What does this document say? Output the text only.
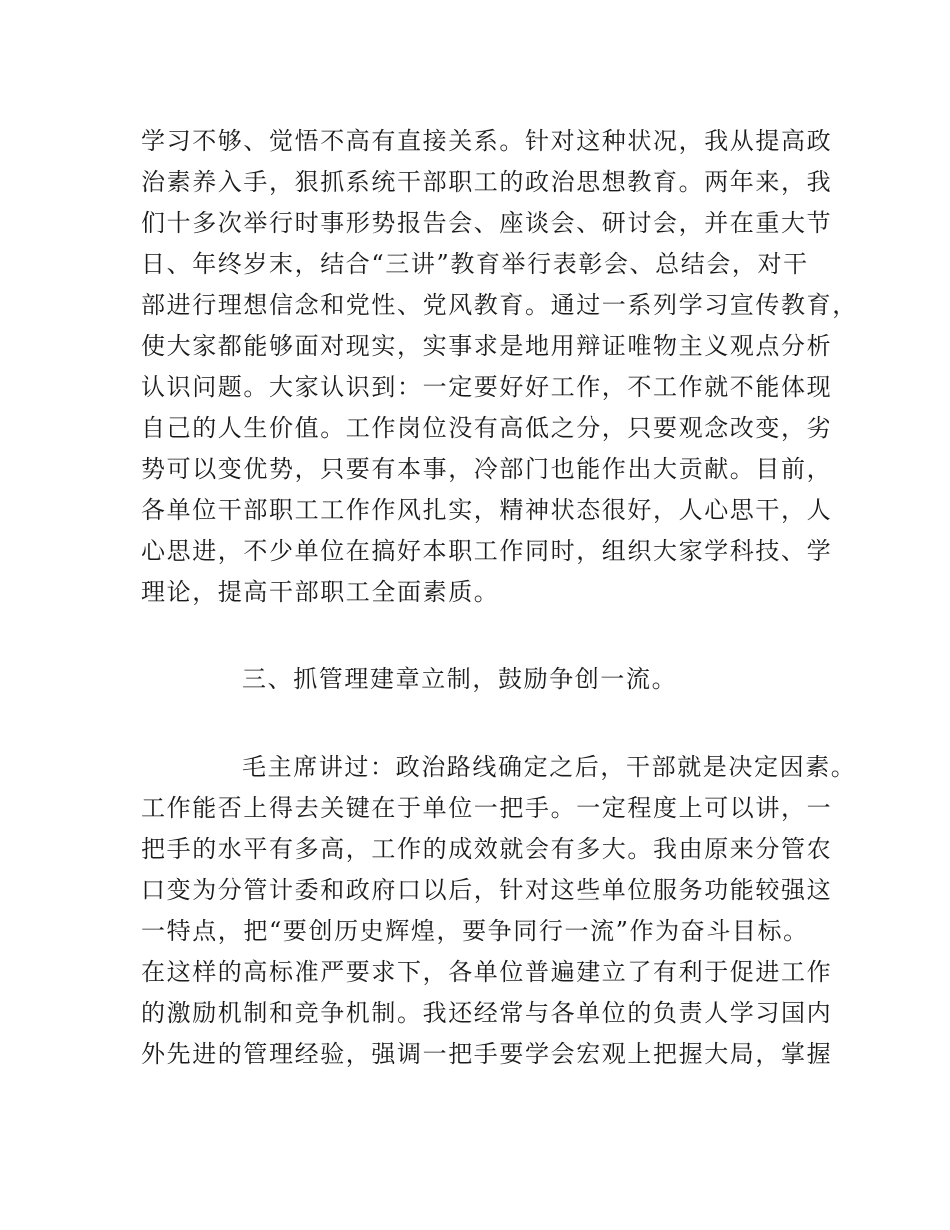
学习不够、觉悟不高有直接关系。针对这种状况，我从提高政
治素养入手，狠抓系统干部职工的政治思想教育。两年来，我
们十多次举行时事形势报告会、座谈会、研讨会，并在重大节
日、年终岁末，结合“三讲”教育举行表彰会、总结会，对干
部进行理想信念和党性、党风教育。通过一系列学习宣传教育，
使大家都能够面对现实，实事求是地用辩证唯物主义观点分析
认识问题。大家认识到：一定要好好工作，不工作就不能体现
自己的人生价值。工作岗位没有高低之分，只要观念改变，劣
势可以变优势，只要有本事，冷部门也能作出大贡献。目前，
各单位干部职工工作作风扎实，精神状态很好，人心思干，人
心思进，不少单位在搞好本职工作同时，组织大家学科技、学
理论，提高干部职工全面素质。
三、抓管理建章立制，鼓励争创一流。
毛主席讲过：政治路线确定之后，干部就是决定因素。
工作能否上得去关键在于单位一把手。一定程度上可以讲，一
把手的水平有多高，工作的成效就会有多大。我由原来分管农
口变为分管计委和政府口以后，针对这些单位服务功能较强这
一特点，把“要创历史辉煌，要争同行一流”作为奋斗目标。
在这样的高标准严要求下，各单位普遍建立了有利于促进工作
的激励机制和竞争机制。我还经常与各单位的负责人学习国内
外先进的管理经验，强调一把手要学会宏观上把握大局，掌握
